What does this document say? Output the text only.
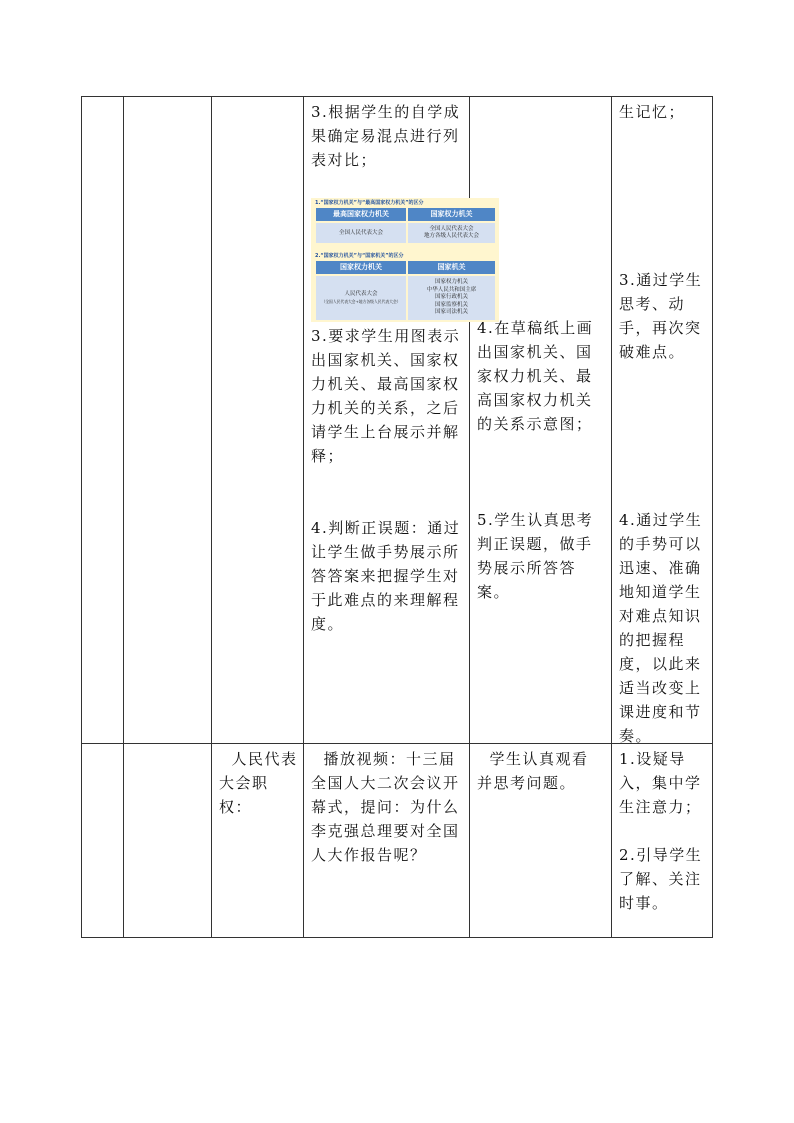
3.根据学生的自学成果确定易混点进行列表对比；
1.“国家权力机关”与“最高国家权力机关”的区分
最高国家权力机关	国家权力机关
全国人民代表大会
全国人民代表大会
地方各级人民代表大会
2.“国家权力机关”与“国家机关”的区分
国家权力机关	国家机关
人民代表大会
（全国人民代表大会+地方各级人民代表大会）
国家权力机关
中华人民共和国主席
国家行政机关
国家监察机关
国家司法机关
3.要求学生用图表示出国家机关、国家权力机关、最高国家权力机关的关系，之后请学生上台展示并解释；
4.判断正误题：通过让学生做手势展示所答答案来把握学生对于此难点的来理解程度。
4.在草稿纸上画出国家机关、国家权力机关、最高国家权力机关的关系示意图；
5.学生认真思考判正误题，做手势展示所答答案。
生记忆；
3.通过学生思考、动手，再次突破难点。
4.通过学生的手势可以迅速、准确地知道学生对难点知识的把握程度，以此来适当改变上课进度和节奏。
人民代表大会职权：
播放视频：十三届全国人大二次会议开幕式，提问：为什么李克强总理要对全国人大作报告呢？
学生认真观看并思考问题。
1.设疑导入，集中学生注意力；

2.引导学生了解、关注时事。
